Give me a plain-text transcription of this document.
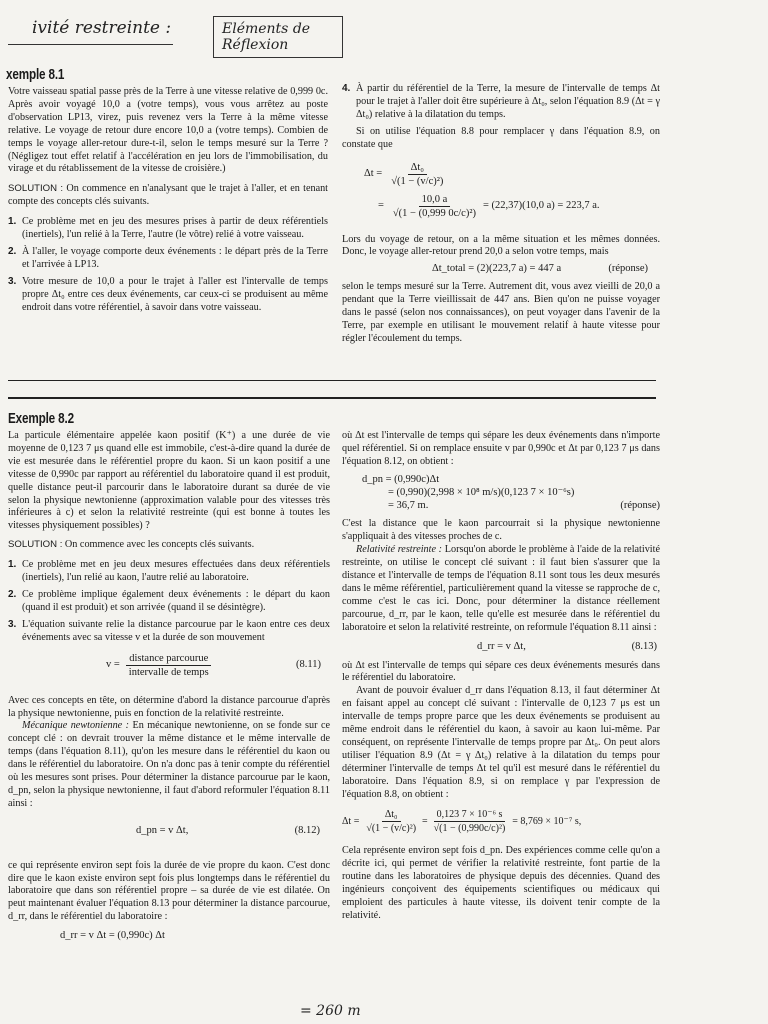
ivité restreinte :	Eléments de Réflexion
xemple 8.1

Votre vaisseau spatial passe près de la Terre à une vitesse relative de 0,999 0c. Après avoir voyagé 10,0 a (votre temps), vous vous arrêtez au poste d'observation LP13, virez, puis revenez vers la Terre à la même vitesse relative. Le voyage de retour dure encore 10,0 a (votre temps). Combien de temps le voyage aller-retour dure-t-il, selon le temps mesuré sur la Terre ? (Négligez tout effet relatif à l'accélération en jeu lors de l'immobilisation, du virage et du rétablissement de la vitesse de croisière.)

SOLUTION : On commence en n'analysant que le trajet à l'aller, et en tenant compte des concepts clés suivants.

1. Ce problème met en jeu des mesures prises à partir de deux référentiels (inertiels), l'un relié à la Terre, l'autre (le vôtre) relié à votre vaisseau.
2. À l'aller, le voyage comporte deux événements : le départ près de la Terre et l'arrivée à LP13.
3. Votre mesure de 10,0 a pour le trajet à l'aller est l'intervalle de temps propre Δt₀ entre ces deux événements, car ceux-ci se produisent au même endroit dans votre référentiel, à savoir dans votre vaisseau.
4. À partir du référentiel de la Terre, la mesure de l'intervalle de temps Δt pour le trajet à l'aller doit être supérieure à Δt₀, selon l'équation 8.9 (Δt = γ Δt₀) relative à la dilatation du temps.

Si on utilise l'équation 8.8 pour remplacer γ dans l'équation 8.9, on constate que

$\Delta t = \frac{\text{Δt₀}}{\text{√(1 − (v/c)²)}}$
= $\frac{10,0 a}{\text{√(1 − (0,999 0c/c)²)}} = (22,37)(10,0$ a) = 223,7 a.

Lors du voyage de retour, on a la même situation et les mêmes données. Donc, le voyage aller-retour prend 20,0 a selon votre temps, mais

Δt_total = (2)(223,7 a) = 447 a	(réponse)

selon le temps mesuré sur la Terre. Autrement dit, vous avez vieilli de 20,0 a pendant que la Terre vieillissait de 447 ans. Bien qu'on ne puisse voyager dans le passé (selon nos connaissances), on peut voyager dans l'avenir de la Terre, par exemple en utilisant le mouvement relatif à haute vitesse pour régler l'écoulement du temps.

Exemple 8.2

La particule élémentaire appelée kaon positif (K⁺) a une durée de vie moyenne de 0,123 7 μs quand elle est immobile, c'est-à-dire quand la durée de vie est mesurée dans le référentiel propre du kaon. Si un kaon positif a une vitesse de 0,990c par rapport au référentiel du laboratoire quand il est produit, quelle distance peut-il parcourir dans le laboratoire durant sa durée de vie selon la physique newtonienne (approximation valable pour des vitesses très inférieures à c) et selon la relativité restreinte (qui est bonne à toutes les vitesses physiquement possibles) ?

SOLUTION : On commence avec les concepts clés suivants.

1. Ce problème met en jeu deux mesures effectuées dans deux référentiels (inertiels), l'un relié au kaon, l'autre relié au laboratoire.
2. Ce problème implique également deux événements : le départ du kaon (quand il est produit) et son arrivée (quand il se désintègre).
3. L'équation suivante relie la distance parcourue par le kaon entre ces deux événements avec sa vitesse v et la durée de son mouvement
$v = \frac{\text{distance parcourue}}{\text{intervalle de temps}}$	(8.11)

Avec ces concepts en tête, on détermine d'abord la distance parcourue d'après la physique newtonienne, puis en fonction de la relativité restreinte.

Mécanique newtonienne : En mécanique newtonienne, on se fonde sur ce concept clé : on devrait trouver la même distance et le même intervalle de temps (dans l'équation 8.11), qu'on les mesure dans le référentiel du kaon ou dans le référentiel du laboratoire. On n'a donc pas à tenir compte du référentiel où les mesures sont prises. Pour déterminer la distance parcourue par le kaon, d_pn, selon la physique newtonienne, il faut d'abord reformuler l'équation 8.11 ainsi :

d_pn = v Δt,	(8.12)

ce qui représente environ sept fois la durée de vie propre du kaon. C'est donc dire que le kaon existe environ sept fois plus longtemps dans le référentiel du laboratoire que dans son référentiel propre – sa durée de vie est dilatée. On peut maintenant évaluer l'équation 8.13 pour déterminer la distance parcourue, d_rr, dans le référentiel du laboratoire :

d_rr = v Δt = (0,990c) Δt
= 260 m

où Δt est l'intervalle de temps qui sépare les deux événements dans n'importe quel référentiel. Si on remplace ensuite v par 0,990c et Δt par 0,123 7 μs dans l'équation 8.12, on obtient :

d_pn = (0,990c)Δt
= (0,990)(2,998 × 10⁸ m/s)(0,123 7 × 10⁻⁶s)
= 36,7 m.	(réponse)

C'est la distance que le kaon parcourrait si la physique newtonienne s'appliquait à des vitesses proches de c.

Relativité restreinte : Lorsqu'on aborde le problème à l'aide de la relativité restreinte, on utilise le concept clé suivant : il faut bien s'assurer que la distance et l'intervalle de temps de l'équation 8.11 sont tous les deux mesurés dans le même référentiel, particulièrement quand la vitesse se rapproche de c, comme c'est le cas ici. Donc, pour déterminer la distance réellement parcourue, d_rr, par le kaon, telle qu'elle est mesurée dans le référentiel du laboratoire et selon la relativité restreinte, on reformule l'équation 8.11 ainsi :

d_rr = v Δt,	(8.13)

où Δt est l'intervalle de temps qui sépare ces deux événements mesurés dans le référentiel du laboratoire.

Avant de pouvoir évaluer d_rr dans l'équation 8.13, il faut déterminer Δt en faisant appel au concept clé suivant : l'intervalle de 0,123 7 μs est un intervalle de temps propre parce que les deux événements se produisent au même endroit dans le référentiel du kaon, à savoir au kaon lui-même. Par conséquent, on représente l'intervalle de temps propre par Δt₀. On peut alors utiliser l'équation 8.9 (Δt = γ Δt₀) relative à la dilatation du temps pour déterminer l'intervalle de temps Δt tel qu'il est mesuré dans le référentiel du laboratoire. Dans l'équation 8.9, si on remplace γ par l'expression de l'équation 8.8, on obtient :

$\Delta t = \frac{\text{Δt₀}}{\text{√(1 − (v/c)²)}} = \frac{\text{0,123 7 × 10⁻⁶ s}}{\text{√(1 − (0,990c/c)²)}} = 8,769 \times 10^{-7}$ s,

Cela représente environ sept fois d_pn. Des expériences comme celle qu'on a décrite ici, qui permet de vérifier la relativité restreinte, font partie de la routine dans les laboratoires de physique depuis des décennies. Quand des ingénieurs conçoivent des équipements scientifiques ou médicaux qui emploient des particules à haute vitesse, ils doivent tenir compte de la relativité.
